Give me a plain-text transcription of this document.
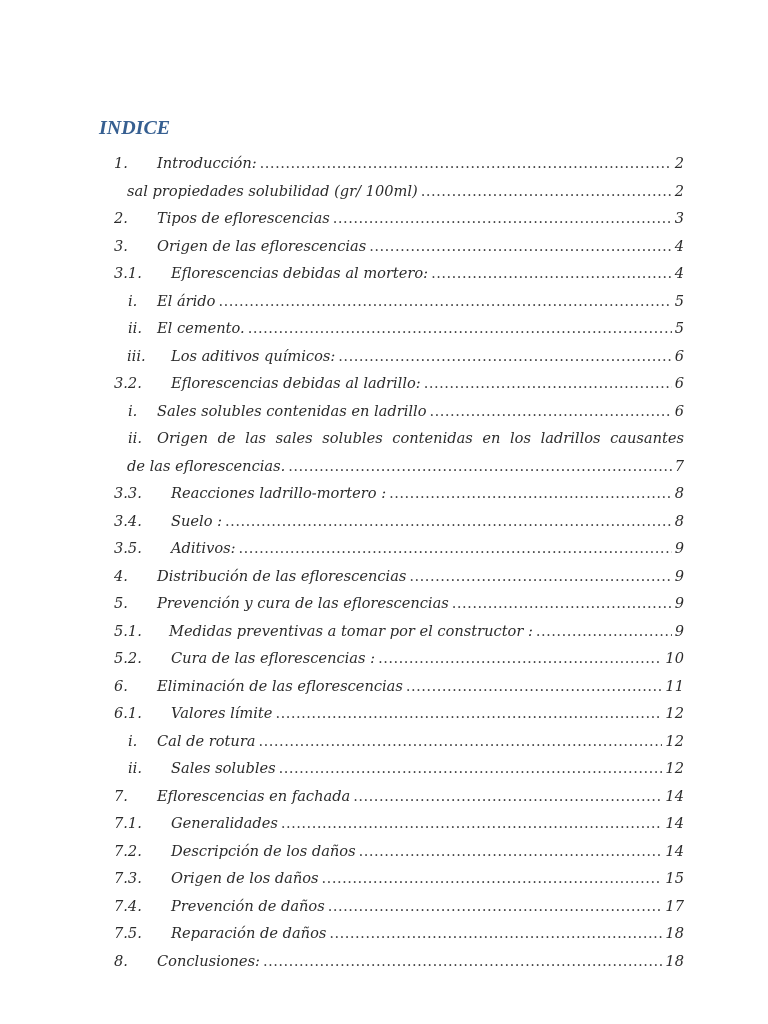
INDICE
1. Introducción: .....	2
sal propiedades solubilidad (gr/ 100ml) .....	2
2. Tipos de eflorescencias .....	3
3. Origen de las eflorescencias .....	4
3.1. Eflorescencias debidas al mortero: .....	4
i. El árido .....	5
ii. El cemento. .....	5
iii. Los aditivos químicos: .....	6
3.2. Eflorescencias debidas al ladrillo: .....	6
i. Sales solubles contenidas en ladrillo .....	6
ii. Origen de las sales solubles contenidas en los ladrillos causantes
de las eflorescencias. .....	7
3.3. Reacciones ladrillo-mortero : .....	8
3.4. Suelo : .....	8
3.5. Aditivos: .....	9
4. Distribución de las eflorescencias .....	9
5. Prevención y cura de las eflorescencias .....	9
5.1. Medidas preventivas a tomar por el constructor : .....	9
5.2. Cura de las eflorescencias : .....	10
6. Eliminación de las eflorescencias .....	11
6.1. Valores límite .....	12
i. Cal de rotura .....	12
ii. Sales solubles .....	12
7. Eflorescencias en fachada .....	14
7.1. Generalidades .....	14
7.2. Descripción de los daños .....	14
7.3. Origen de los daños .....	15
7.4. Prevención de daños .....	17
7.5. Reparación de daños .....	18
8. Conclusiones: .....	18
